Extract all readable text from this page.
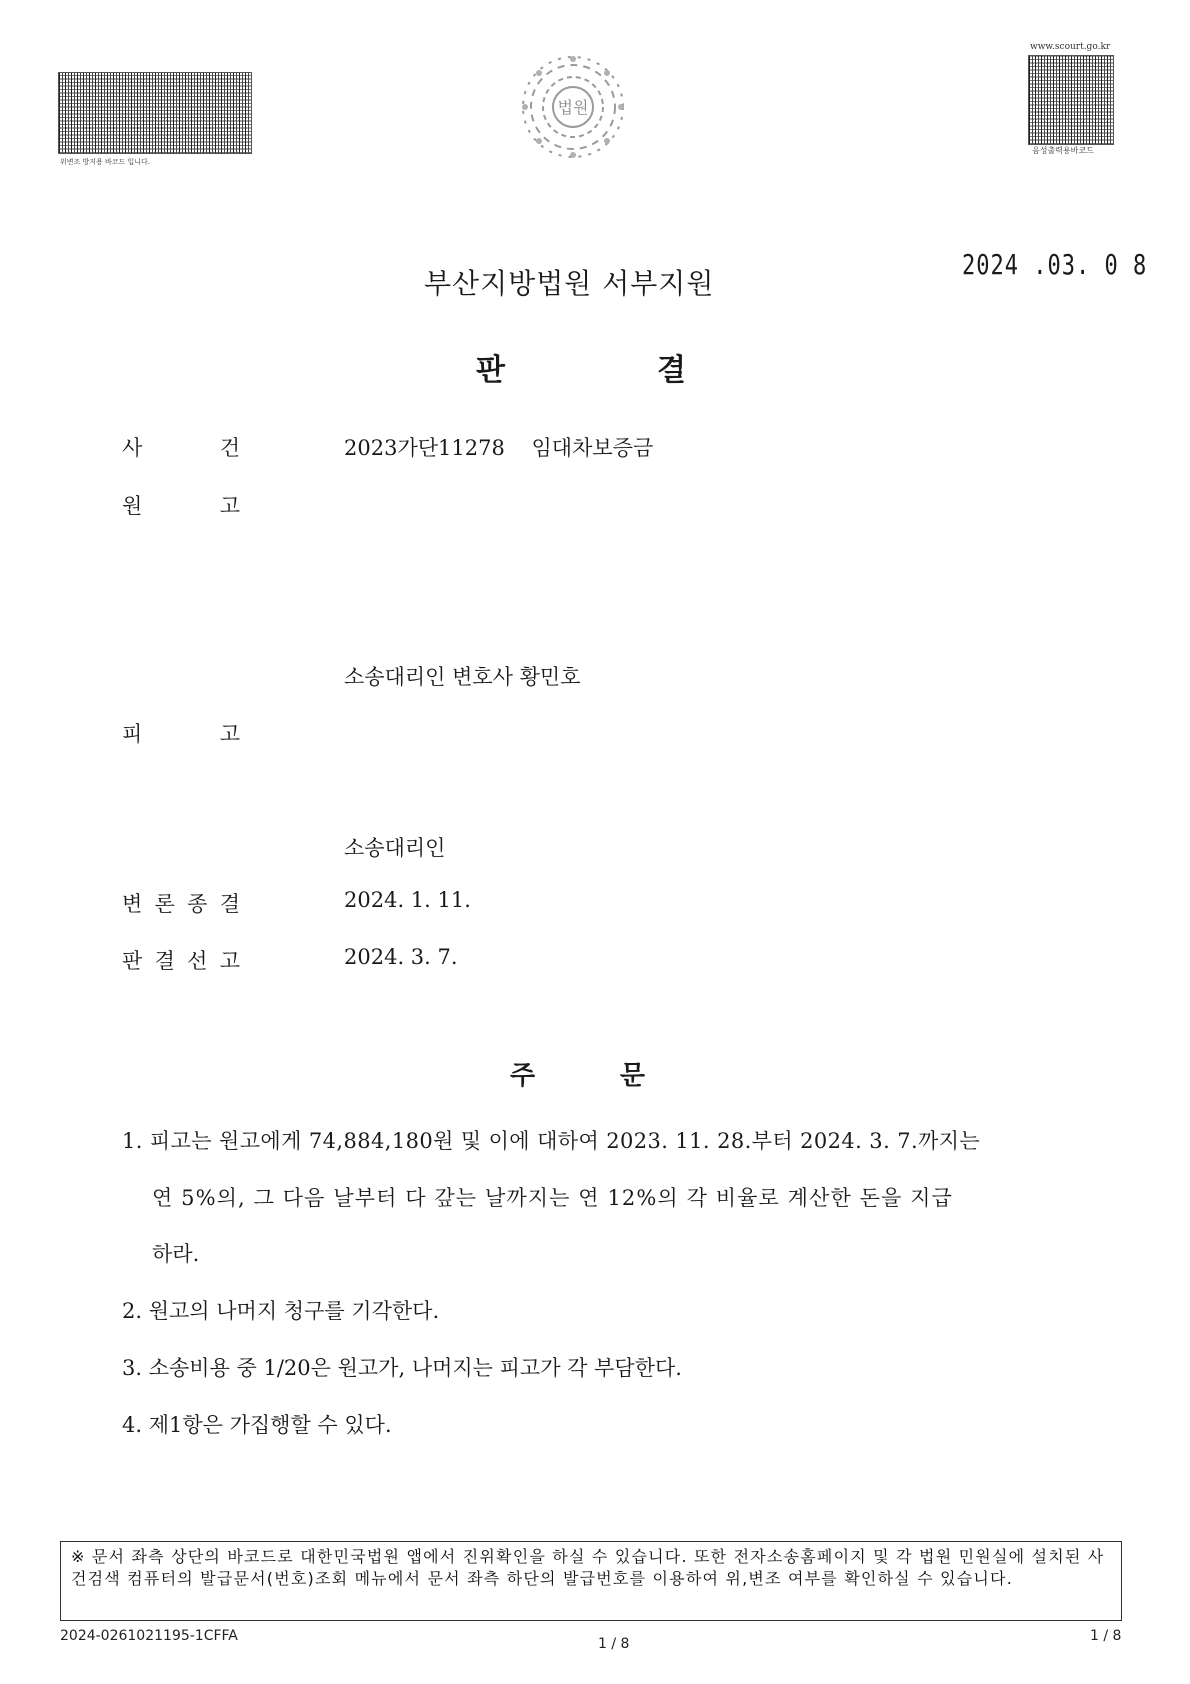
위변조 방지용 바코드 입니다.
www.scourt.go.kr
음성출력용바코드
법원
부산지방법원 서부지원
2024 .03. 0 8
판	결
사	건	2023가단11278    임대차보증금
원	고
소송대리인 변호사 황민호
피	고
소송대리인
변 론 종 결	2024. 1. 11.
판 결 선 고	2024. 3. 7.
주	문
1. 피고는 원고에게 74,884,180원 및 이에 대하여 2023. 11. 28.부터 2024. 3. 7.까지는
연 5%의, 그 다음 날부터 다 갚는 날까지는 연 12%의 각 비율로 계산한 돈을 지급
하라.
2. 원고의 나머지 청구를 기각한다.
3. 소송비용 중 1/20은 원고가, 나머지는 피고가 각 부담한다.
4. 제1항은 가집행할 수 있다.
※ 문서 좌측 상단의 바코드로 대한민국법원 앱에서 진위확인을 하실 수 있습니다. 또한 전자소송홈페이지 및 각 법원 민원실에 설치된 사건검색 컴퓨터의 발급문서(번호)조회 메뉴에서 문서 좌측 하단의 발급번호를 이용하여 위,변조 여부를 확인하실 수 있습니다.
2024-0261021195-1CFFA	1 / 8	1 / 8
